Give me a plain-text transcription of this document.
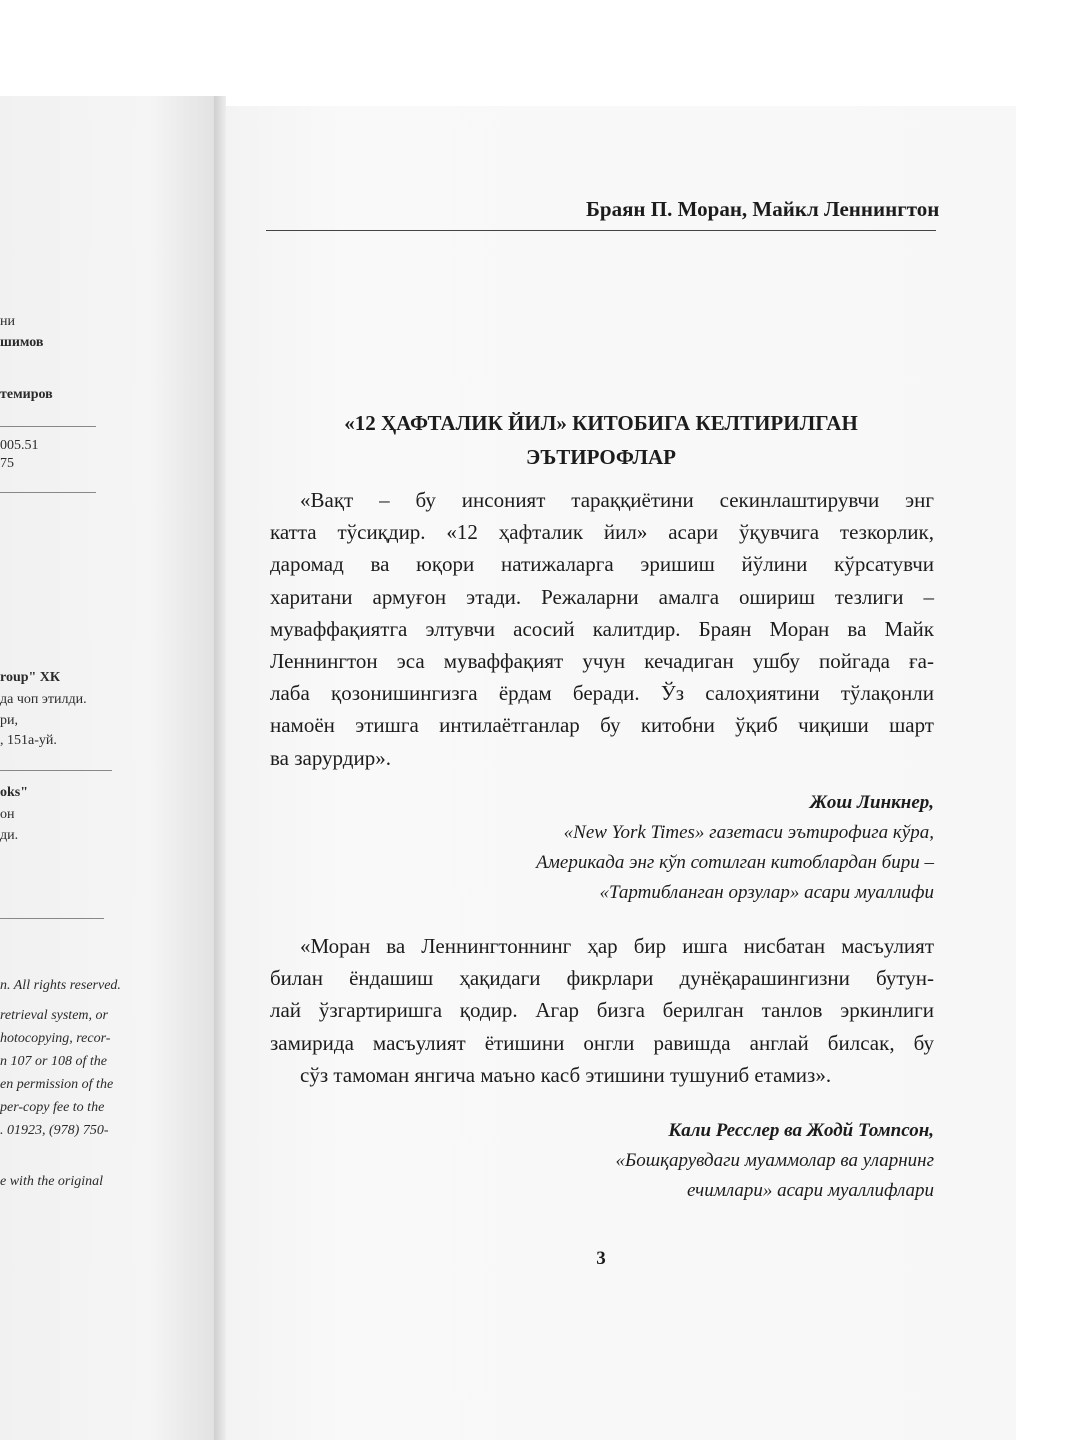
ни
шимов
темиров
005.51
75
roup" ХК
да чоп этилди.
ри,
, 151а-уй.
oks"
он
ди.
n. All rights reserved.
retrieval system, or
hotocopying, recor-
n 107 or 108 of the
en permission of the
per-copy fee to the
. 01923, (978) 750-
e with the original
Браян П. Моран, Майкл Леннингтон
«12 ҲАФТАЛИК ЙИЛ» КИТОБИГА КЕЛТИРИЛГАН
ЭЪТИРОФЛАР
«Вақт – бу инсоният тараққиётини секинлаштирувчи энг
катта тўсиқдир. «12 ҳафталик йил» асари ўқувчига тезкорлик,
даромад ва юқори натижаларга эришиш йўлини кўрсатувчи
харитани армуғон этади. Режаларни амалга ошириш тезлиги –
муваффақиятга элтувчи асосий калитдир. Браян Моран ва Майк
Леннингтон эса муваффақият учун кечадиган ушбу пойгада ға-
лаба қозонишингизга ёрдам беради. Ўз салоҳиятини тўлақонли
намоён этишга интилаётганлар бу китобни ўқиб чиқиши шарт
ва зарурдир».
Жош Линкнер,
«New York Times» газетаси эътирофига кўра,
Америкада энг кўп сотилган китоблардан бири –
«Тартибланган орзулар» асари муаллифи
«Моран ва Леннингтоннинг ҳар бир ишга нисбатан масъулият
билан ёндашиш ҳақидаги фикрлари дунёқарашингизни бутун-
лай ўзгартиришга қодир. Агар бизга берилган танлов эркинлиги
замирида масъулият ётишини онгли равишда англай билсак, бу
сўз тамоман янгича маъно касб этишини тушуниб етамиз».
Кали Ресслер ва Жодй Томпсон,
«Бошқарувдаги муаммолар ва уларнинг
ечимлари» асари муаллифлари
3
